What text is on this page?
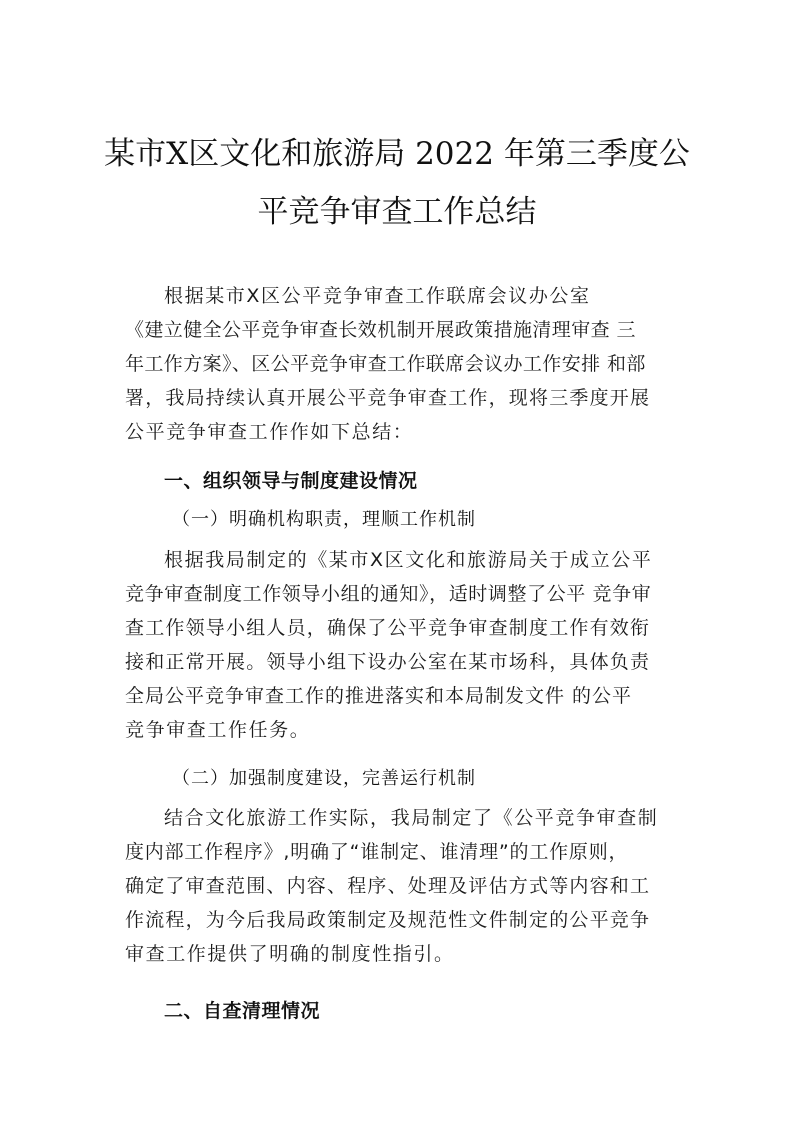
某市X区文化和旅游局 2022 年第三季度公
平竞争审查工作总结
根据某市X区公平竞争审查工作联席会议办公室
《建立健全公平竞争审查长效机制开展政策措施清理审查 三
年工作方案》、区公平竞争审查工作联席会议办工作安排 和部
署，我局持续认真开展公平竞争审查工作，现将三季度开展
公平竞争审查工作作如下总结：
一、组织领导与制度建设情况
（一）明确机构职责，理顺工作机制
根据我局制定的《某市X区文化和旅游局关于成立公平
竞争审查制度工作领导小组的通知》，适时调整了公平 竞争审
查工作领导小组人员，确保了公平竞争审查制度工作有效衔
接和正常开展。领导小组下设办公室在某市场科，具体负责
全局公平竞争审查工作的推进落实和本局制发文件 的公平
竞争审查工作任务。
（二）加强制度建设，完善运行机制
结合文化旅游工作实际，我局制定了《公平竞争审查制
度内部工作程序》,明确了“谁制定、谁清理”的工作原则，
确定了审查范围、内容、程序、处理及评估方式等内容和工
作流程，为今后我局政策制定及规范性文件制定的公平竞争
审查工作提供了明确的制度性指引。
二、自查清理情况
